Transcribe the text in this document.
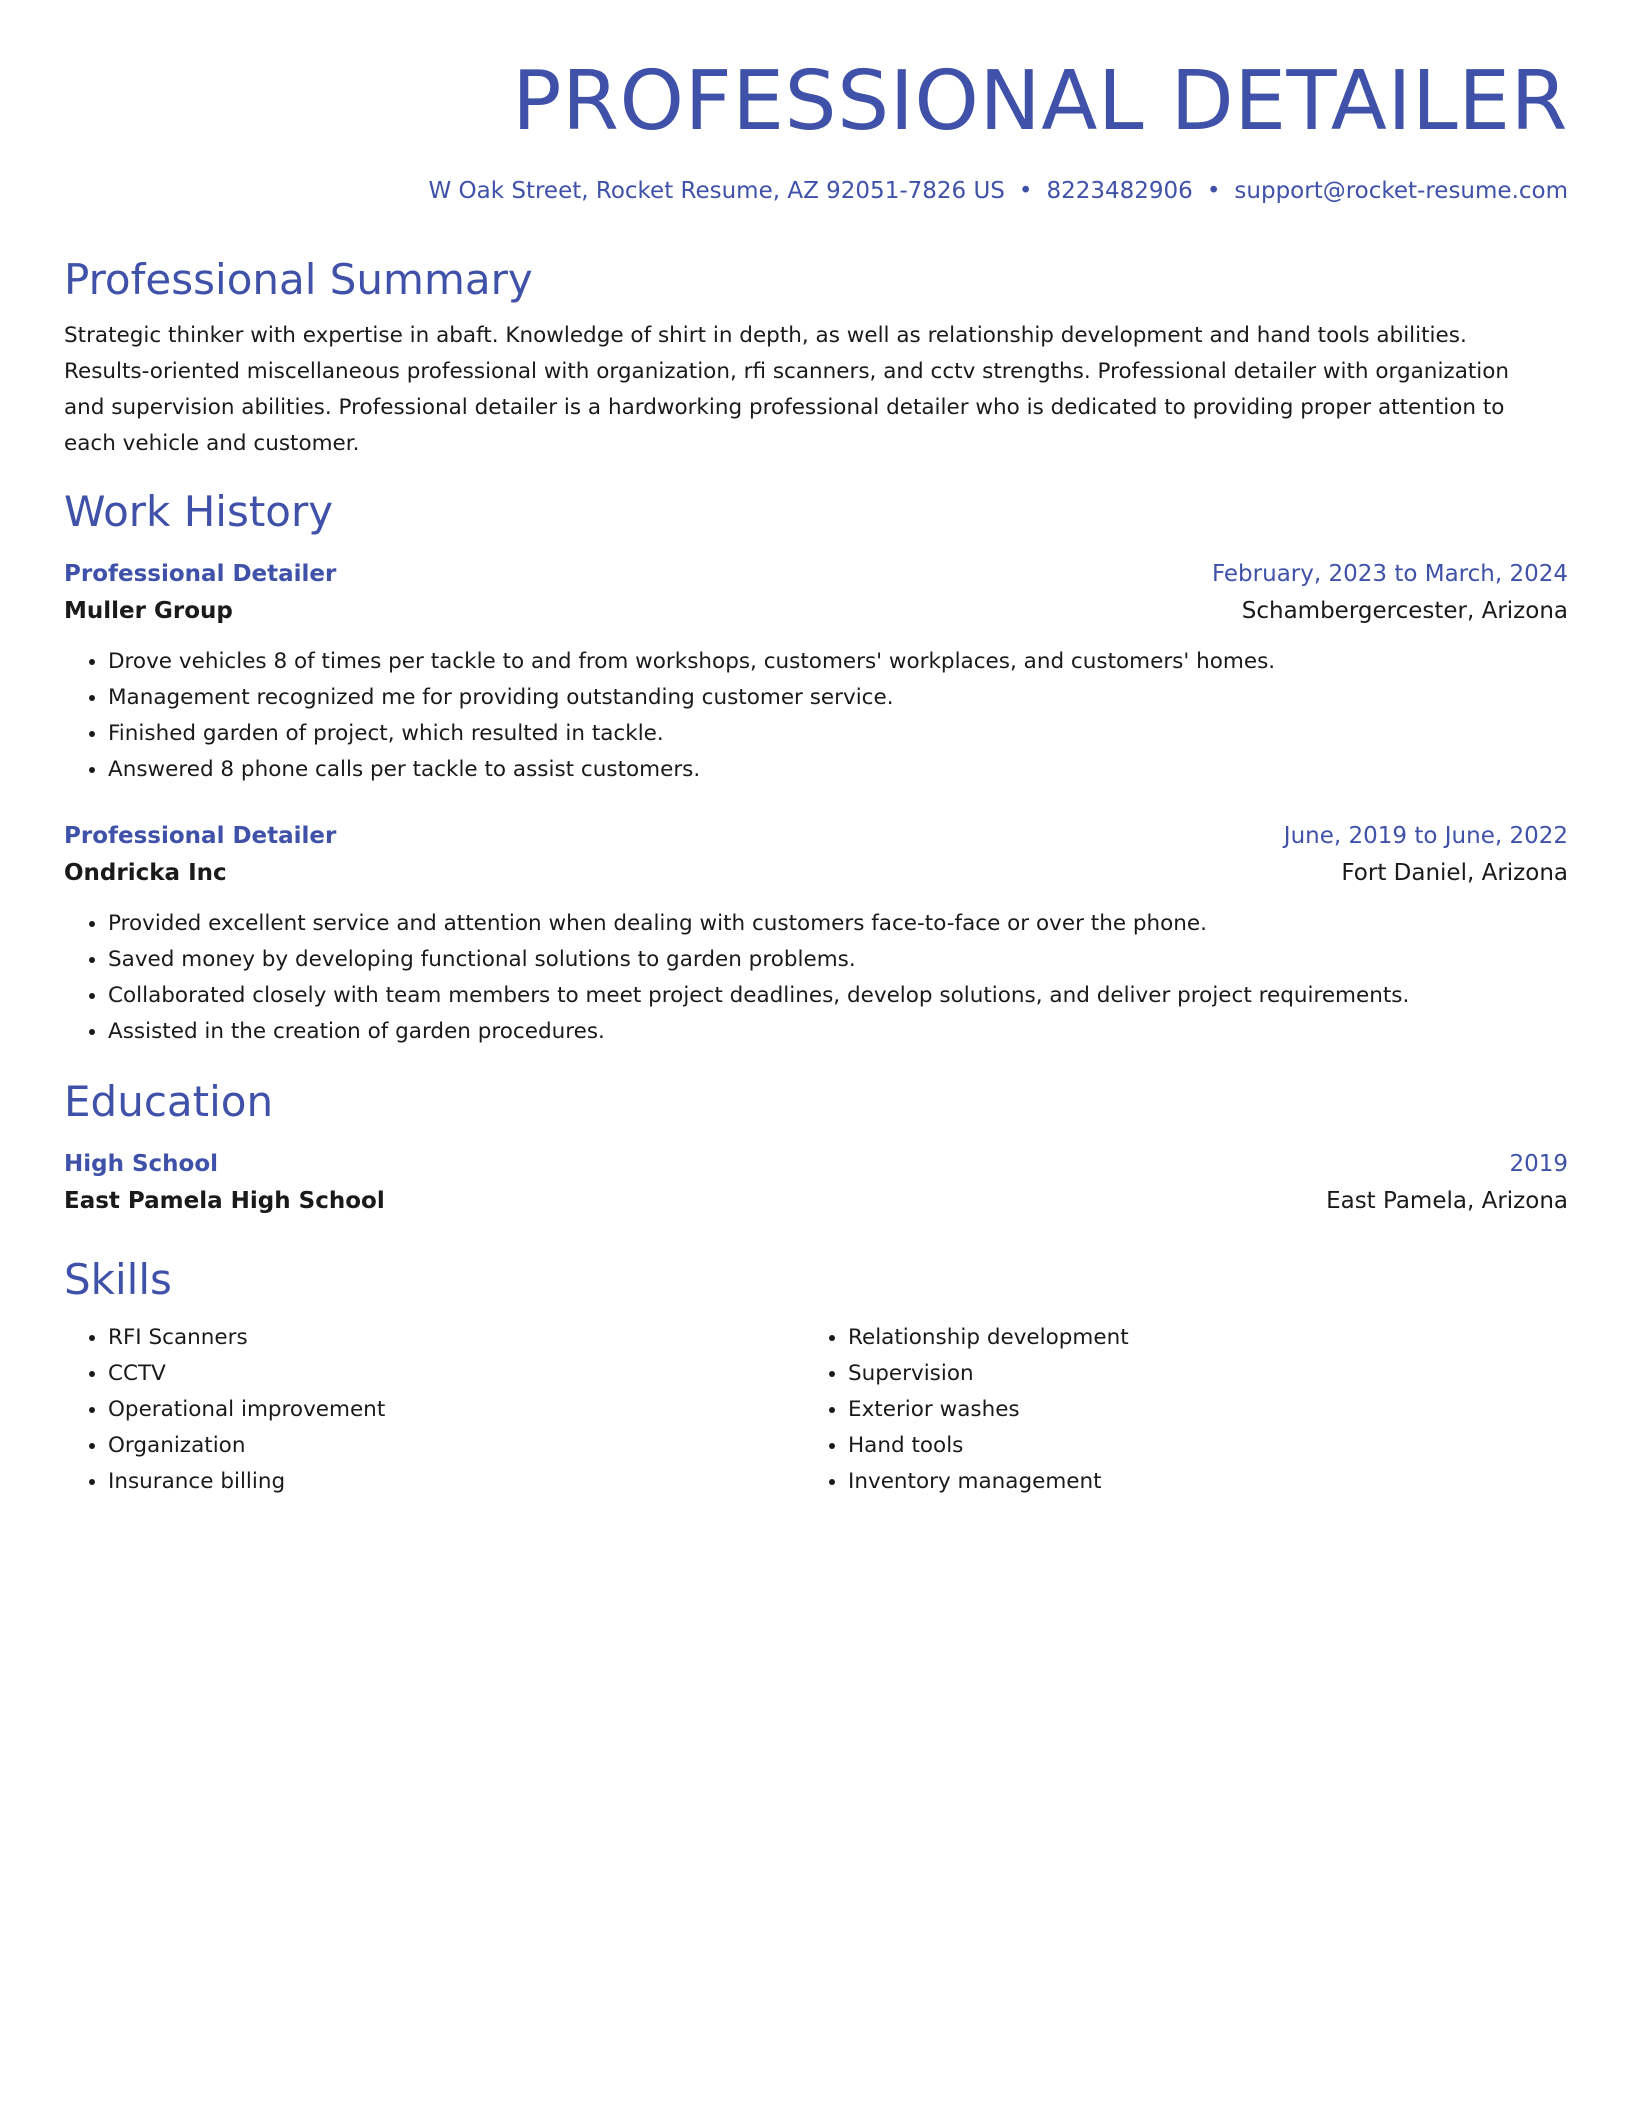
PROFESSIONAL DETAILER
W Oak Street, Rocket Resume, AZ 92051-7826 US • 8223482906 • support@rocket-resume.com
Professional Summary
Strategic thinker with expertise in abaft. Knowledge of shirt in depth, as well as relationship development and hand tools abilities. Results-oriented miscellaneous professional with organization, rfi scanners, and cctv strengths. Professional detailer with organization and supervision abilities. Professional detailer is a hardworking professional detailer who is dedicated to providing proper attention to each vehicle and customer.
Work History
Professional Detailer	February, 2023 to March, 2024
Muller Group	Schambergercester, Arizona
• Drove vehicles 8 of times per tackle to and from workshops, customers' workplaces, and customers' homes.
• Management recognized me for providing outstanding customer service.
• Finished garden of project, which resulted in tackle.
• Answered 8 phone calls per tackle to assist customers.
Professional Detailer	June, 2019 to June, 2022
Ondricka Inc	Fort Daniel, Arizona
• Provided excellent service and attention when dealing with customers face-to-face or over the phone.
• Saved money by developing functional solutions to garden problems.
• Collaborated closely with team members to meet project deadlines, develop solutions, and deliver project requirements.
• Assisted in the creation of garden procedures.
Education
High School	2019
East Pamela High School	East Pamela, Arizona
Skills
• RFI Scanners
• CCTV
• Operational improvement
• Organization
• Insurance billing
• Relationship development
• Supervision
• Exterior washes
• Hand tools
• Inventory management
